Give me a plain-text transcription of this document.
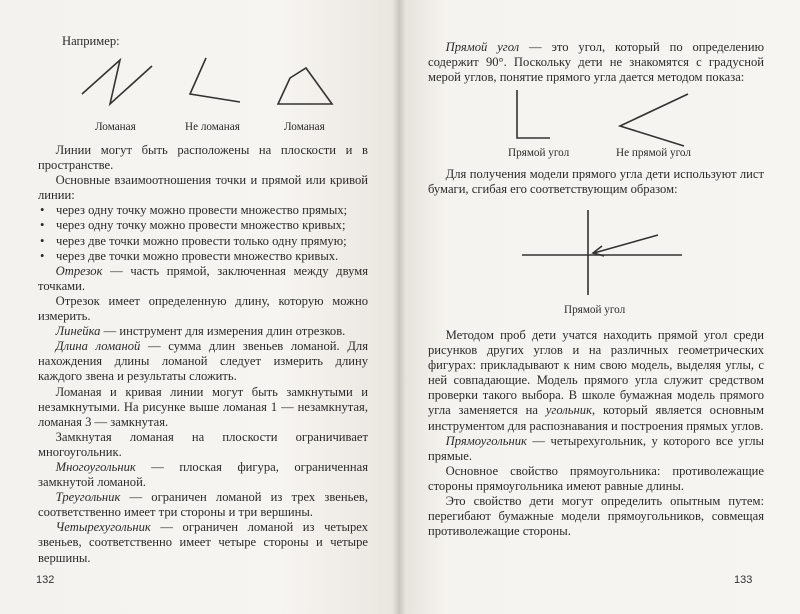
Например:

Ломаная	Не ломаная	Ломаная

Линии могут быть расположены на плоскости и в пространстве.

Основные взаимоотношения точки и прямой или кривой линии:

• через одну точку можно провести множество прямых;
• через одну точку можно провести множество кривых;
• через две точки можно провести только одну прямую;
• через две точки можно провести множество кривых.

Отрезок — часть прямой, заключенная между двумя точками.

Отрезок имеет определенную длину, которую можно измерить.

Линейка — инструмент для измерения длин отрезков.

Длина ломаной — сумма длин звеньев ломаной. Для нахождения длины ломаной следует измерить длину каждого звена и результаты сложить.

Ломаная и кривая линии могут быть замкнутыми и незамкнутыми. На рисунке выше ломаная 1 — незамкнутая, ломаная 3 — замкнутая.

Замкнутая ломаная на плоскости ограничивает многоугольник.

Многоугольник — плоская фигура, ограниченная замкнутой ломаной.

Треугольник — ограничен ломаной из трех звеньев, соответственно имеет три стороны и три вершины.

Четырехугольник — ограничен ломаной из четырех звеньев, соответственно имеет четыре стороны и четыре вершины.

132

Прямой угол — это угол, который по определению содержит 90°. Поскольку дети не знакомятся с градусной мерой углов, понятие прямого угла дается методом показа:

Прямой угол	Не прямой угол

Для получения модели прямого угла дети используют лист бумаги, сгибая его соответствующим образом:

Прямой угол

Методом проб дети учатся находить прямой угол среди рисунков других углов и на различных геометрических фигурах: прикладывают к ним свою модель, выделяя углы, с ней совпадающие. Модель прямого угла служит средством проверки такого выбора. В школе бумажная модель прямого угла заменяется на угольник, который является основным инструментом для распознавания и построения прямых углов.

Прямоугольник — четырехугольник, у которого все углы прямые.

Основное свойство прямоугольника: противолежащие стороны прямоугольника имеют равные длины.

Это свойство дети могут определить опытным путем: перегибают бумажные модели прямоугольников, совмещая противолежащие стороны.

133
